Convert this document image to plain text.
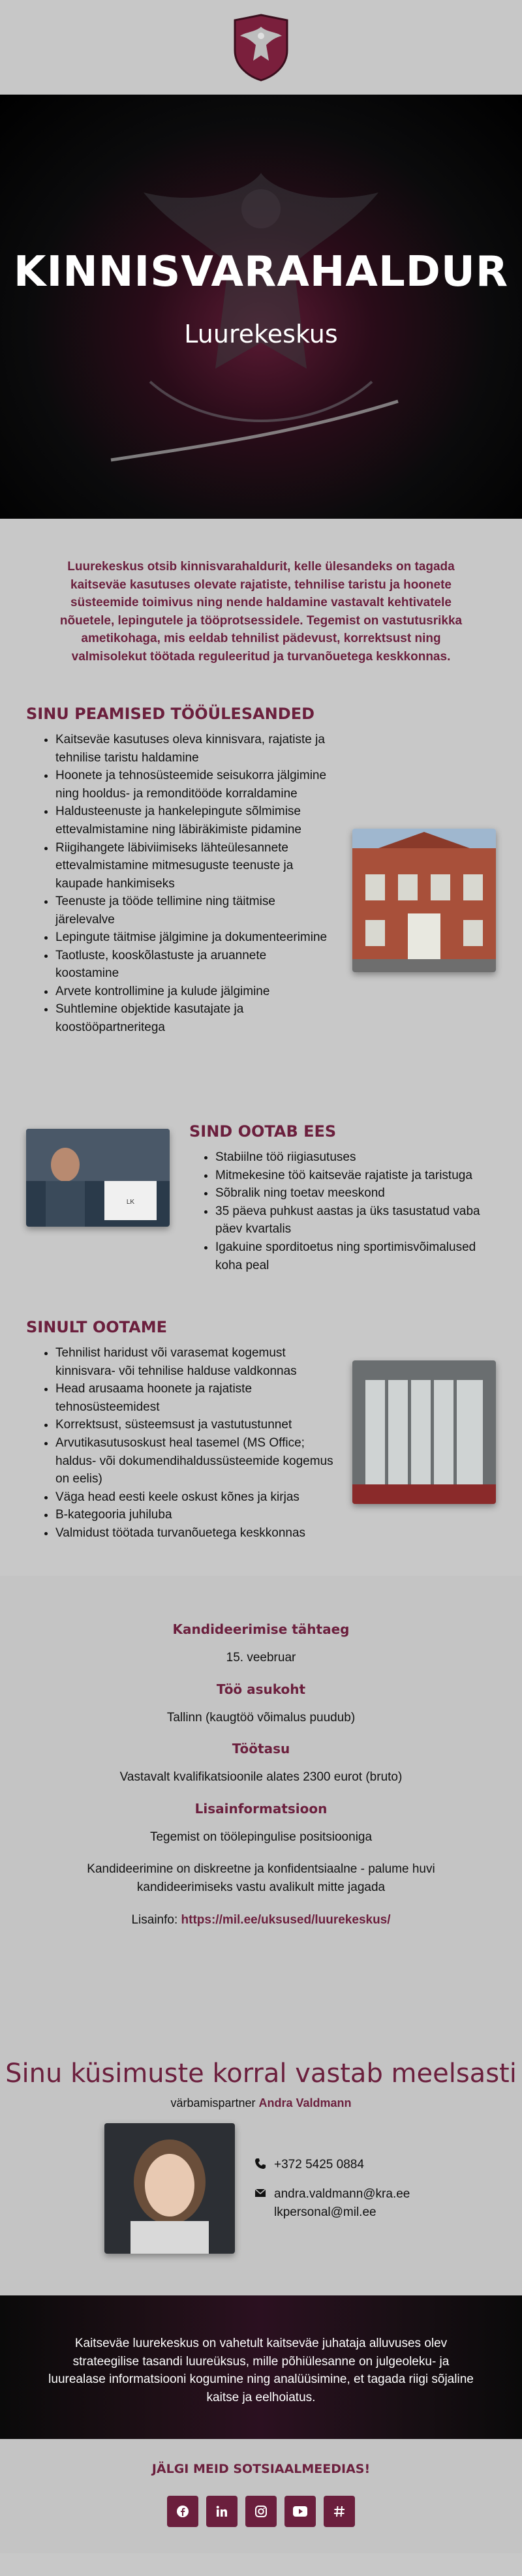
KINNISVARAHALDUR
Luurekeskus
Luurekeskus otsib kinnisvarahaldurit, kelle ülesandeks on tagada kaitseväe kasutuses olevate rajatiste, tehnilise taristu ja hoonete süsteemide toimivus ning nende haldamine vastavalt kehtivatele nõuetele, lepingutele ja tööprotsessidele. Tegemist on vastutusrikka ametikohaga, mis eeldab tehnilist pädevust, korrektsust ning valmisolekut töötada reguleeritud ja turvanõuetega keskkonnas.
SINU PEAMISED TÖÖÜLESANDED
• Kaitseväe kasutuses oleva kinnisvara, rajatiste ja tehnilise taristu haldamine
• Hoonete ja tehnosüsteemide seisukorra jälgimine ning hooldus- ja remonditööde korraldamine
• Haldusteenuste ja hankelepingute sõlmimise ettevalmistamine ning läbiräkimiste pidamine
• Riigihangete läbiviimiseks lähteülesannete ettevalmistamine mitmesuguste teenuste ja kaupade hankimiseks
• Teenuste ja tööde tellimine ning täitmise järelevalve
• Lepingute täitmise jälgimine ja dokumenteerimine
• Taotluste, kooskõlastuste ja aruannete koostamine
• Arvete kontrollimine ja kulude jälgimine
• Suhtlemine objektide kasutajate ja koostööpartneritega
LK
SIND OOTAB EES
• Stabiilne töö riigiasutuses
• Mitmekesine töö kaitseväe rajatiste ja taristuga
• Sõbralik ning toetav meeskond
• 35 päeva puhkust aastas ja üks tasustatud vaba päev kvartalis
• Igakuine sporditoetus ning sportimisvõimalused koha peal
SINULT OOTAME
• Tehnilist haridust või varasemat kogemust kinnisvara- või tehnilise halduse valdkonnas
• Head arusaama hoonete ja rajatiste tehnosüsteemidest
• Korrektsust, süsteemsust ja vastutustunnet
• Arvutikasutusoskust heal tasemel (MS Office; haldus- või dokumendihaldussüsteemide kogemus on eelis)
• Väga head eesti keele oskust kõnes ja kirjas
• B-kategooria juhiluba
• Valmidust töötada turvanõuetega keskkonnas
Kandideerimise tähtaeg
15. veebruar
Töö asukoht
Tallinn (kaugtöö võimalus puudub)
Töötasu
Vastavalt kvalifikatsioonile alates 2300 eurot (bruto)
Lisainformatsioon
Tegemist on töölepingulise positsiooniga
Kandideerimine on diskreetne ja konfidentsiaalne - palume huvi kandideerimiseks vastu avalikult mitte jagada
Lisainfo: https://mil.ee/uksused/luurekeskus/
Sinu küsimuste korral vastab meelsasti
värbamispartner Andra Valdmann
+372 5425 0884
andra.valdmann@kra.ee
lkpersonal@mil.ee
Kaitseväe luurekeskus on vahetult kaitseväe juhataja alluvuses olev strateegilise tasandi luureüksus, mille põhiülesanne on julgeoleku- ja luurealase informatsiooni kogumine ning analüüsimine, et tagada riigi sõjaline kaitse ja eelhoiatus.
JÄLGI MEID SOTSIAALMEEDIAS!
